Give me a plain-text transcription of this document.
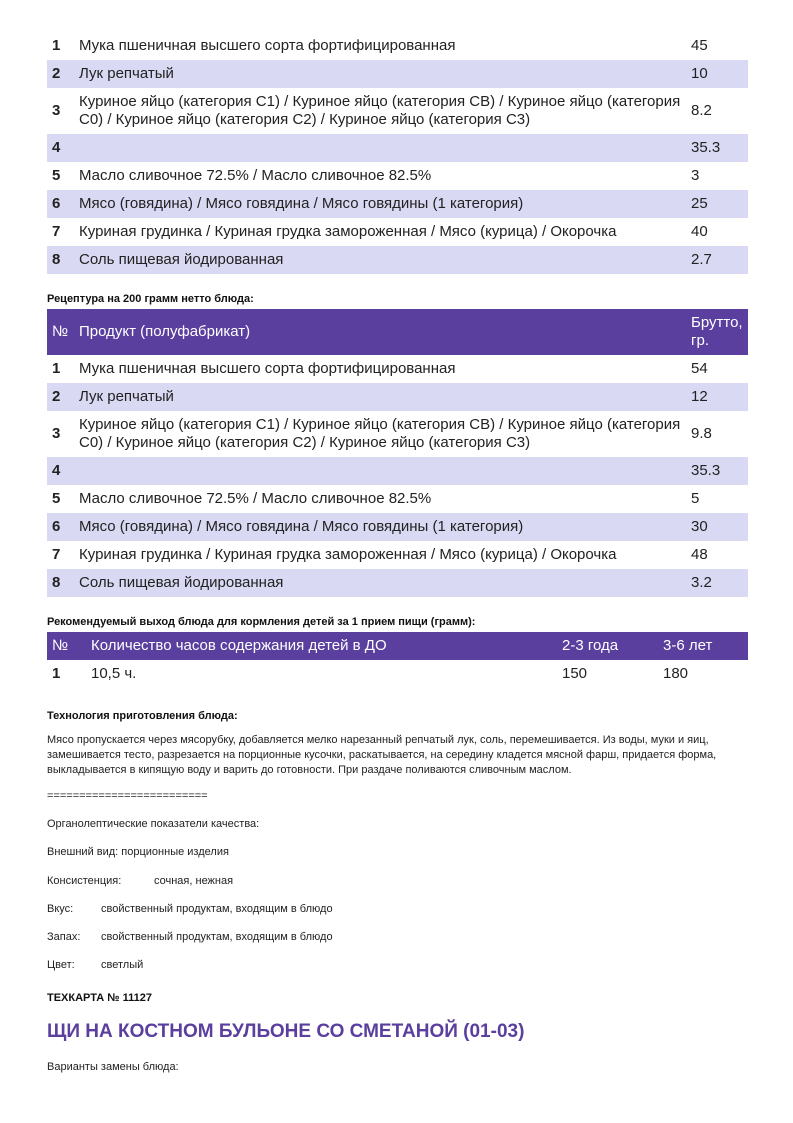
1	Мука пшеничная высшего сорта фортифицированная	45
2	Лук репчатый	10
3	Куриное яйцо (категория С1) / Куриное яйцо (категория СВ) / Куриное яйцо (категория С0) / Куриное яйцо (категория С2) / Куриное яйцо (категория С3)	8.2
4		35.3
5	Масло сливочное 72.5% / Масло сливочное 82.5%	3
6	Мясо (говядина) / Мясо говядина / Мясо говядины (1 категория)	25
7	Куриная грудинка / Куриная грудка замороженная / Мясо (курица) / Окорочка	40
8	Соль пищевая йодированная	2.7
Рецептура на 200 грамм нетто блюда:
№	Продукт (полуфабрикат)	Брутто, гр.
1	Мука пшеничная высшего сорта фортифицированная	54
2	Лук репчатый	12
3	Куриное яйцо (категория С1) / Куриное яйцо (категория СВ) / Куриное яйцо (категория С0) / Куриное яйцо (категория С2) / Куриное яйцо (категория С3)	9.8
4		35.3
5	Масло сливочное 72.5% / Масло сливочное 82.5%	5
6	Мясо (говядина) / Мясо говядина / Мясо говядины (1 категория)	30
7	Куриная грудинка / Куриная грудка замороженная / Мясо (курица) / Окорочка	48
8	Соль пищевая йодированная	3.2
Рекомендуемый выход блюда для кормления детей за 1 прием пищи (грамм):
№	Количество часов содержания детей в ДО	2-3 года	3-6 лет
1	10,5 ч.	150	180
Технология приготовления блюда:
Мясо пропускается через мясорубку, добавляется мелко нарезанный репчатый лук, соль, перемешивается. Из воды, муки и яиц, замешивается тесто, разрезается на порционные кусочки, раскатывается, на середину кладется мясной фарш, придается форма, выкладывается в кипящую воду и варить до готовности. При раздаче поливаются сливочным маслом.
=========================
Органолептические показатели качества:
Внешний вид: порционные изделия
Консистенция:	сочная, нежная
Вкус:	свойственный продуктам, входящим в блюдо
Запах:	свойственный продуктам, входящим в блюдо
Цвет:	светлый
ТЕХКАРТА № 11127
ЩИ НА КОСТНОМ БУЛЬОНЕ СО СМЕТАНОЙ (01-03)
Варианты замены блюда:
